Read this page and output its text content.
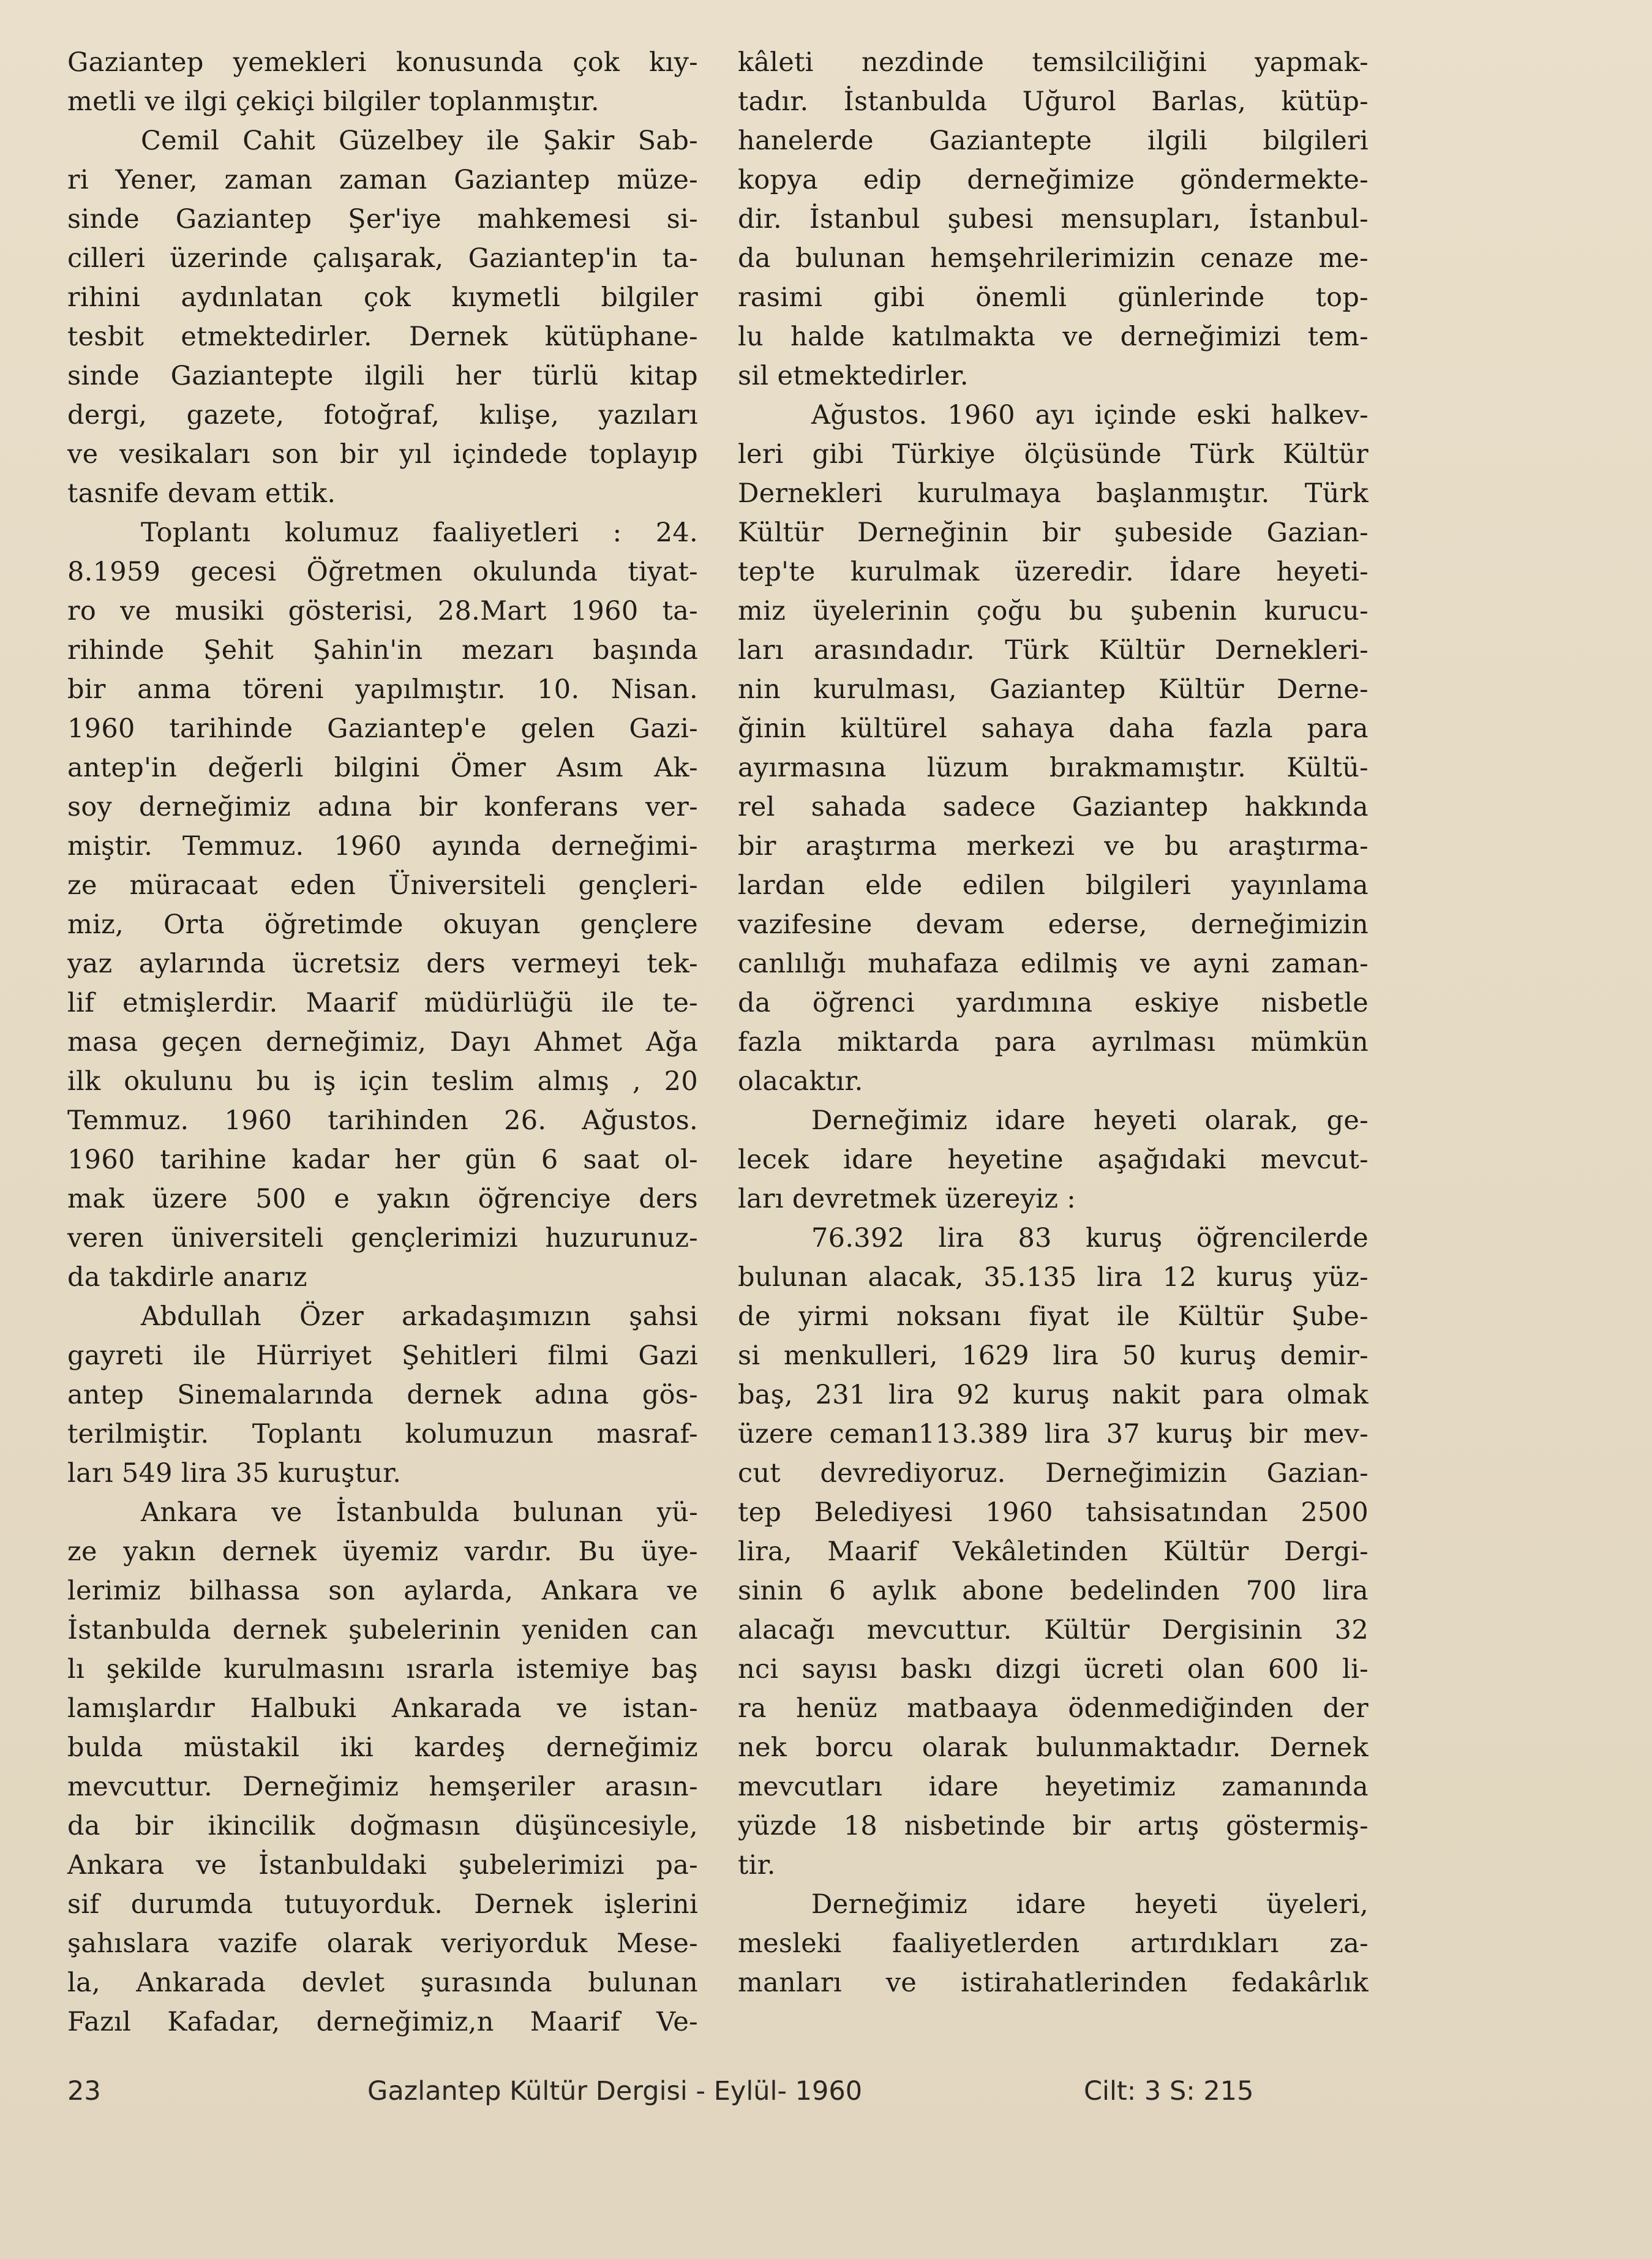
Gaziantep yemekleri konusunda çok kıy-
metli ve ilgi çekiçi bilgiler toplanmıştır.
Cemil Cahit Güzelbey ile Şakir Sab-
ri Yener, zaman zaman Gaziantep müze-
sinde Gaziantep Şer'iye mahkemesi si-
cilleri üzerinde çalışarak, Gaziantep'in ta-
rihini aydınlatan çok kıymetli bilgiler
tesbit etmektedirler. Dernek kütüphane-
sinde Gaziantepte ilgili her türlü kitap
dergi, gazete, fotoğraf, kılişe, yazıları
ve vesikaları son bir yıl içindede toplayıp
tasnife devam ettik.
Toplantı kolumuz faaliyetleri : 24.
8.1959 gecesi Öğretmen okulunda tiyat-
ro ve musiki gösterisi, 28.Mart 1960 ta-
rihinde Şehit Şahin'in mezarı başında
bir anma töreni yapılmıştır. 10. Nisan.
1960 tarihinde Gaziantep'e gelen Gazi-
antep'in değerli bilgini Ömer Asım Ak-
soy derneğimiz adına bir konferans ver-
miştir. Temmuz. 1960 ayında derneğimi-
ze müracaat eden Üniversiteli gençleri-
miz, Orta öğretimde okuyan gençlere
yaz aylarında ücretsiz ders vermeyi tek-
lif etmişlerdir. Maarif müdürlüğü ile te-
masa geçen derneğimiz, Dayı Ahmet Ağa
ilk okulunu bu iş için teslim almış , 20
Temmuz. 1960 tarihinden 26. Ağustos.
1960 tarihine kadar her gün 6 saat ol-
mak üzere 500 e yakın öğrenciye ders
veren üniversiteli gençlerimizi huzurunuz-
da takdirle anarız
Abdullah Özer arkadaşımızın şahsi
gayreti ile Hürriyet Şehitleri filmi Gazi
antep Sinemalarında dernek adına gös-
terilmiştir. Toplantı kolumuzun masraf-
ları 549 lira 35 kuruştur.
Ankara ve İstanbulda bulunan yü-
ze yakın dernek üyemiz vardır. Bu üye-
lerimiz bilhassa son aylarda, Ankara ve
İstanbulda dernek şubelerinin yeniden can
lı şekilde kurulmasını ısrarla istemiye baş
lamışlardır Halbuki Ankarada ve istan-
bulda müstakil iki kardeş derneğimiz
mevcuttur. Derneğimiz hemşeriler arasın-
da bir ikincilik doğmasın düşüncesiyle,
Ankara ve İstanbuldaki şubelerimizi pa-
sif durumda tutuyorduk. Dernek işlerini
şahıslara vazife olarak veriyorduk Mese-
la, Ankarada devlet şurasında bulunan
Fazıl Kafadar, derneğimiz,n Maarif Ve-
kâleti nezdinde temsilciliğini yapmak-
tadır. İstanbulda Uğurol Barlas, kütüp-
hanelerde Gaziantepte ilgili bilgileri
kopya edip derneğimize göndermekte-
dir. İstanbul şubesi mensupları, İstanbul-
da bulunan hemşehrilerimizin cenaze me-
rasimi gibi önemli günlerinde top-
lu halde katılmakta ve derneğimizi tem-
sil etmektedirler.
Ağustos. 1960 ayı içinde eski halkev-
leri gibi Türkiye ölçüsünde Türk Kültür
Dernekleri kurulmaya başlanmıştır. Türk
Kültür Derneğinin bir şubeside Gazian-
tep'te kurulmak üzeredir. İdare heyeti-
miz üyelerinin çoğu bu şubenin kurucu-
ları arasındadır. Türk Kültür Dernekleri-
nin kurulması, Gaziantep Kültür Derne-
ğinin kültürel sahaya daha fazla para
ayırmasına lüzum bırakmamıştır. Kültü-
rel sahada sadece Gaziantep hakkında
bir araştırma merkezi ve bu araştırma-
lardan elde edilen bilgileri yayınlama
vazifesine devam ederse, derneğimizin
canlılığı muhafaza edilmiş ve ayni zaman-
da öğrenci yardımına eskiye nisbetle
fazla miktarda para ayrılması mümkün
olacaktır.
Derneğimiz idare heyeti olarak, ge-
lecek idare heyetine aşağıdaki mevcut-
ları devretmek üzereyiz :
76.392 lira 83 kuruş öğrencilerde
bulunan alacak, 35.135 lira 12 kuruş yüz-
de yirmi noksanı fiyat ile Kültür Şube-
si menkulleri, 1629 lira 50 kuruş demir-
baş, 231 lira 92 kuruş nakit para olmak
üzere ceman113.389 lira 37 kuruş bir mev-
cut devrediyoruz. Derneğimizin Gazian-
tep Belediyesi 1960 tahsisatından 2500
lira, Maarif Vekâletinden Kültür Dergi-
sinin 6 aylık abone bedelinden 700 lira
alacağı mevcuttur. Kültür Dergisinin 32
nci sayısı baskı dizgi ücreti olan 600 li-
ra henüz matbaaya ödenmediğinden der
nek borcu olarak bulunmaktadır. Dernek
mevcutları idare heyetimiz zamanında
yüzde 18 nisbetinde bir artış göstermiş-
tir.
Derneğimiz idare heyeti üyeleri,
mesleki faaliyetlerden artırdıkları za-
manları ve istirahatlerinden fedakârlık
23	Gazlantep Kültür Dergisi - Eylül- 1960	Cilt: 3 S: 215
